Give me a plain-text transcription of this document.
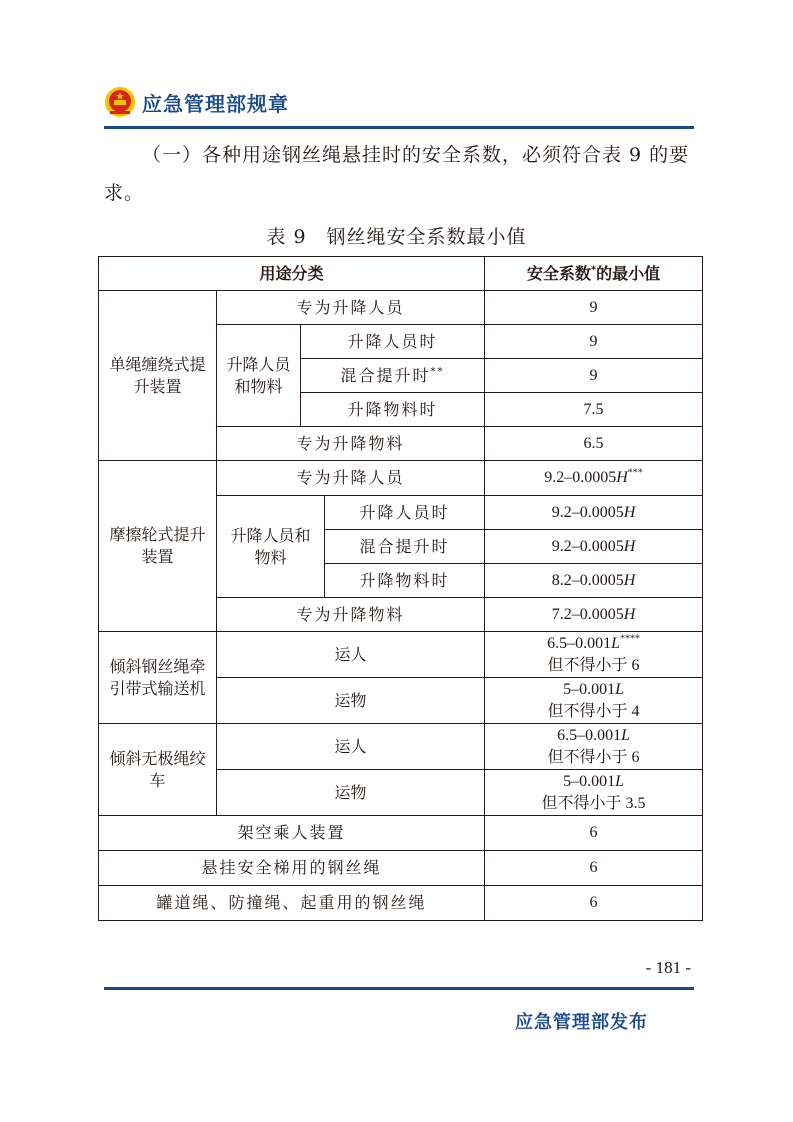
应急管理部规章
（一）各种用途钢丝绳悬挂时的安全系数，必须符合表 9 的要求。
表 9　钢丝绳安全系数最小值
用途分类				安全系数*的最小值
单绳缠绕式提升装置	专为升降人员			9
	升降人员和物料	升降人员时		9
		混合提升时**		9
		升降物料时		7.5
	专为升降物料			6.5
摩擦轮式提升装置	专为升降人员			9.2–0.0005H***
	升降人员和物料		升降人员时	9.2–0.0005H
			混合提升时	9.2–0.0005H
			升降物料时	8.2–0.0005H
	专为升降物料			7.2–0.0005H
倾斜钢丝绳牵引带式输送机	运人			6.5–0.001L****
但不得小于 6
	运物			5–0.001L
但不得小于 4
倾斜无极绳绞车	运人			6.5–0.001L
但不得小于 6
	运物			5–0.001L
但不得小于 3.5
架空乘人装置				6
悬挂安全梯用的钢丝绳				6
罐道绳、防撞绳、起重用的钢丝绳				6
- 181 -
应急管理部发布
